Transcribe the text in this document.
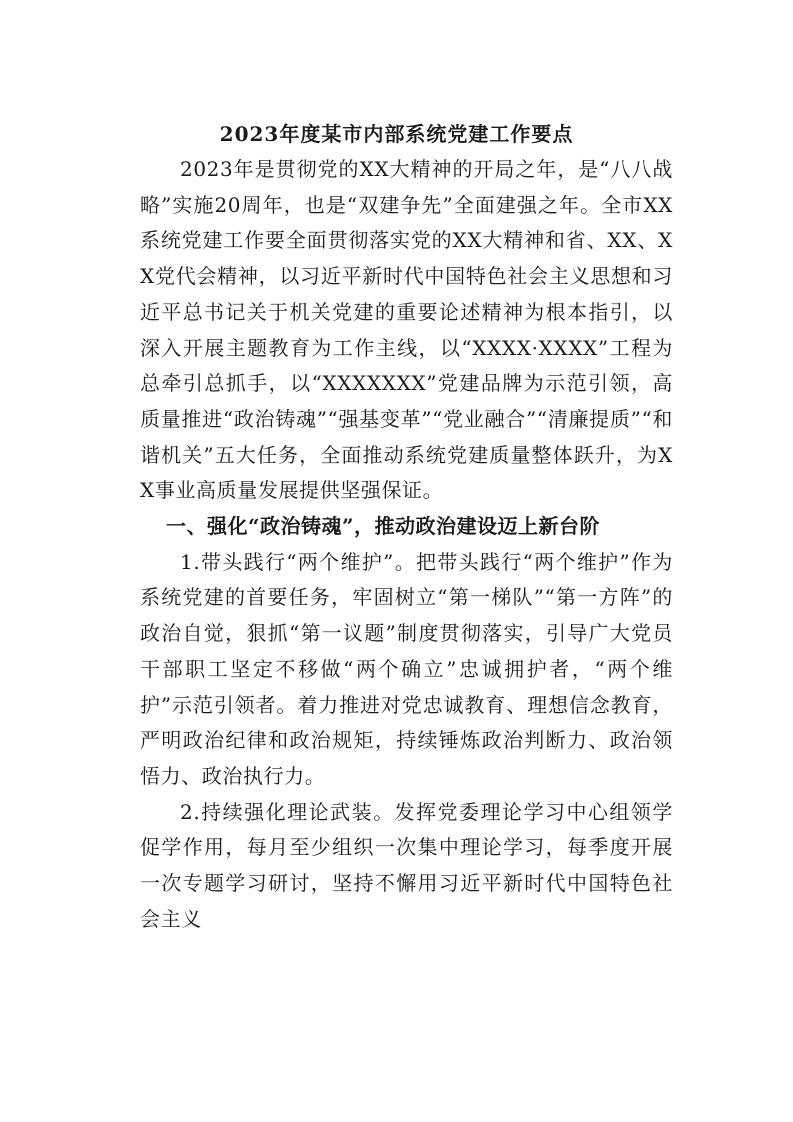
2023年度某市内部系统党建工作要点

2023年是贯彻党的XX大精神的开局之年，是“八八战略”实施20周年，也是“双建争先”全面建强之年。全市XX系统党建工作要全面贯彻落实党的XX大精神和省、XX、XX党代会精神，以习近平新时代中国特色社会主义思想和习近平总书记关于机关党建的重要论述精神为根本指引，以深入开展主题教育为工作主线，以“XXXX·XXXX”工程为总牵引总抓手，以“XXXXXXX”党建品牌为示范引领，高质量推进“政治铸魂”“强基变革”“党业融合”“清廉提质”“和谐机关”五大任务，全面推动系统党建质量整体跃升，为XX事业高质量发展提供坚强保证。

一、强化“政治铸魂”，推动政治建设迈上新台阶

1.带头践行“两个维护”。把带头践行“两个维护”作为系统党建的首要任务，牢固树立“第一梯队”“第一方阵”的政治自觉，狠抓“第一议题”制度贯彻落实，引导广大党员干部职工坚定不移做“两个确立”忠诚拥护者，“两个维护”示范引领者。着力推进对党忠诚教育、理想信念教育，严明政治纪律和政治规矩，持续锤炼政治判断力、政治领悟力、政治执行力。

2.持续强化理论武装。发挥党委理论学习中心组领学促学作用，每月至少组织一次集中理论学习，每季度开展一次专题学习研讨，坚持不懈用习近平新时代中国特色社会主义
